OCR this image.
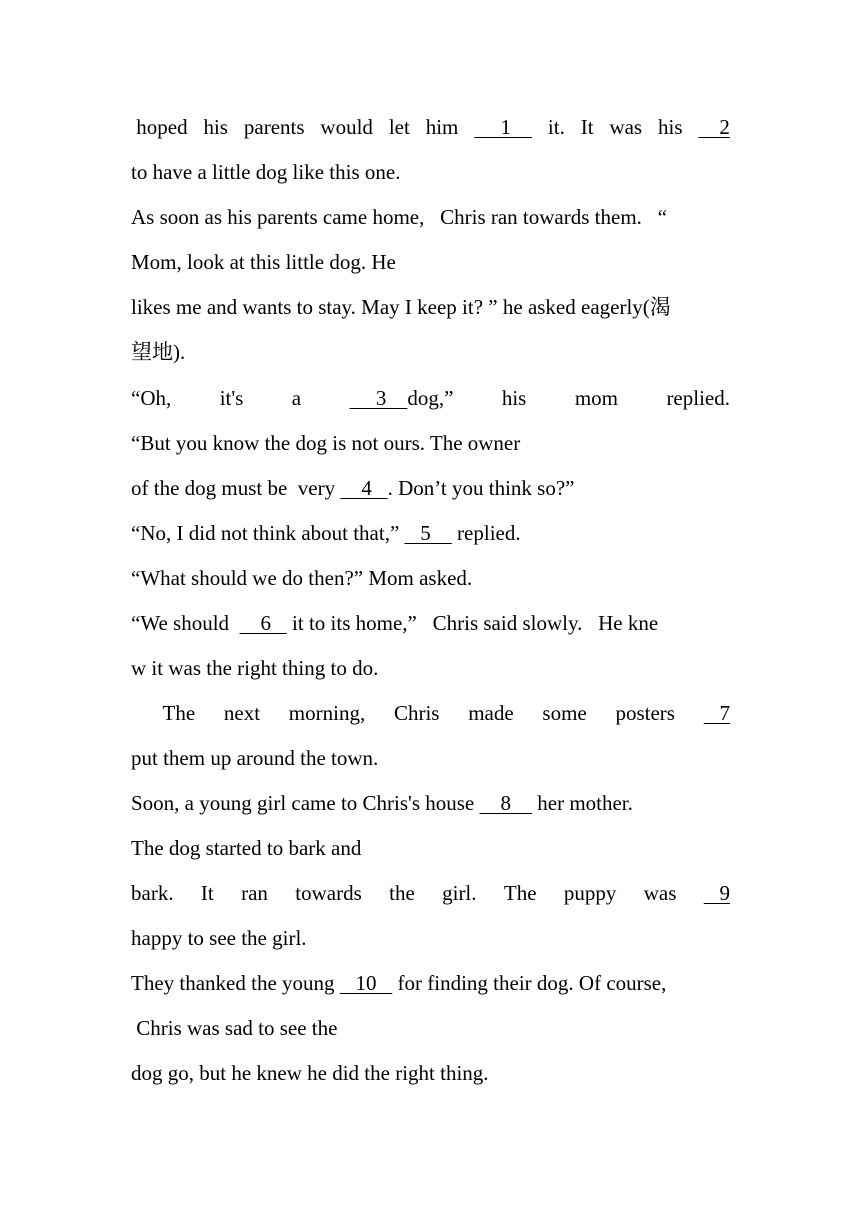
hoped his parents would let him 1 it. It was his 2
to have a little dog like this one.
As soon as his parents came home,   Chris ran towards them.   “
Mom, look at this little dog. He
likes me and wants to stay. May I keep it? ” he asked eagerly(渴
望地).
“Oh, it's a 3    dog,” his mom replied.
“But you know the dog is not ours. The owner
of the dog must be  very     4   . Don’t you think so?”
“No, I did not think about that,”    5     replied.
“What should we do then?” Mom asked.
“We should      6    it to its home,”   Chris said slowly.   He kne
w it was the right thing to do.
The next morning, Chris made some posters 7
put them up around the town.
Soon, a young girl came to Chris's house     8     her mother.
The dog started to bark and
bark. It ran towards the girl. The puppy was 9
happy to see the girl.
They thanked the young    10    for finding their dog. Of course,
Chris was sad to see the
dog go, but he knew he did the right thing.
